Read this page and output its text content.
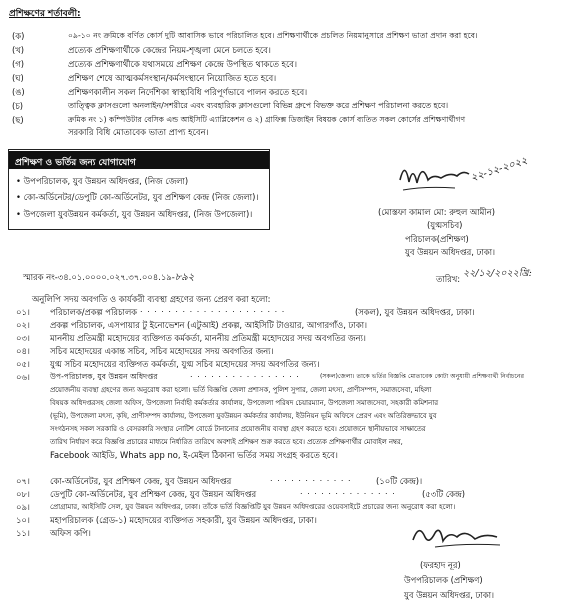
প্রশিক্ষণের শর্তাবলী:
(ক)	০৯-১০ নং ক্রমিকে বর্ণিত কোর্স দুটি আবাসিক ভাবে পরিচালিত হবে। প্রশিক্ষণার্থীকে প্রচলিত নিয়মানুসারে প্রশিক্ষণ ভাতা প্রদান করা হবে।
(খ)	প্রত্যেক প্রশিক্ষণার্থীকে কেন্দ্রের নিয়ম-শৃঙ্খলা মেনে চলতে হবে।
(গ)	প্রত্যেক প্রশিক্ষণার্থীকে যথাসময়ে প্রশিক্ষণ কেন্দ্রে উপস্থিত থাকতে হবে।
(ঘ)	প্রশিক্ষণ শেষে আত্মকর্মসংস্থান/কর্মসংস্থানে নিয়োজিত হতে হবে।
(ঙ)	প্রশিক্ষণকালীন সকল নির্দেশিকা স্বাস্থ্যবিধি পরিপূর্ণভাবে পালন করতে হবে।
(চ)	তাত্ত্বিক ক্লাসগুলো অনলাইন/সশরীরে এবং ব্যবহারিক ক্লাসগুলো বিভিন্ন গ্রুপে বিভক্ত করে প্রশিক্ষণ পরিচালনা করতে হবে।
(ছ)	ক্রমিক নং ১) কম্পিউটার বেসিক এন্ড আইসিটি এ্যাপ্লিকেশন ও ২) গ্রাফিক্স ডিজাইন বিষয়ক কোর্স ব্যতিত সকল কোর্সের প্রশিক্ষণার্থীগণ
সরকারি বিধি মোতাবেক ভাতা প্রাপ্য হবেন।
প্রশিক্ষণ ও ভর্তির জন্য যোগাযোগ
• উপপরিচালক, যুব উন্নয়ন অধিদপ্তর, (নিজ জেলা)
• কো-অর্ডিনেটর/ডেপুটি কো-অর্ডিনেটর, যুব প্রশিক্ষণ কেন্দ্র (নিজ জেলা)।
• উপজেলা যুবউন্নয়ন কর্মকর্তা, যুব উন্নয়ন অধিদপ্তর, (নিজ উপজেলা)।
২২-১২-২০২২
(মোস্তফা কামাল মো: রুহুল আমীন)
(যুগ্মসচিব)
পরিচালক(প্রশিক্ষণ)
যুব উন্নয়ন অধিদপ্তর, ঢাকা।
স্মারক নং-৩৪.০১.০০০০.০২৭.৩৭.০০৪.১৯-৮৯২	তারিখ: ২২/১২/২০২২খ্রি:
অনুলিপি সদয় অবগতি ও কার্যকরী ব্যবস্থা গ্রহণের জন্য প্রেরণ করা হলো:
০১। পরিচালক/প্রকল্প পরিচালক . . . . . . . . . . . . . . . . . . . . .	(সকল), যুব উন্নয়ন অধিদপ্তর, ঢাকা।
০২। প্রকল্প পরিচালক, এসপায়ার টু ইনোভেশন (এটুআই) প্রকল্প, আইসিটি টাওয়ার, আগারগাঁও, ঢাকা।
০৩। মাননীয় প্রতিমন্ত্রী মহোদয়ের ব্যক্তিগত কর্মকর্তা, মাননীয় প্রতিমন্ত্রী মহোদয়ের সদয় অবগতির জন্য।
০৪। সচিব মহোদয়ের একান্ত সচিব, সচিব মহোদয়ের সদয় অবগতির জন্য।
০৫। যুগ্ম সচিব মহোদয়ের ব্যক্তিগত কর্মকর্তা, যুগ্ম সচিব মহোদয়ের সদয় অবগতির জন্য।
০৬।	উপ-পরিচালক, যুব উন্নয়ন অধিদপ্তর	. . . . . . . . . . . . . . . .	(সকল)জেলা। তাকে ভর্তির বিজ্ঞপ্তি মোতাবেক কোটা অনুযায়ী প্রশিক্ষণার্থী নির্বাচনের
প্রয়োজনীয় ব্যবস্থা গ্রহণের জন্য অনুরোধ করা হলো। ভর্তি বিজ্ঞপ্তি জেলা প্রশাসক, পুলিশ সুপার, জেলা মৎস্য, প্রাণীসম্পদ, সমাজসেবা, মহিলা
বিষয়ক অধিদপ্তরসহ জেলা অফিস, উপজেলা নির্বাহী কর্মকর্তার কার্যালয়, উপজেলা পরিষদ চেয়ারম্যান, উপজেলা সমাজসেবা, সহকারী কমিশনার
(ভূমি), উপজেলা মৎস্য, কৃষি, প্রাণীসম্পদ কার্যালয়, উপজেলা যুবউন্নয়ন কর্মকর্তার কার্যালয়, ইউনিয়ন ভূমি অফিসে প্রেরণ এবং অতিরিক্তভাবে যুব
সংগঠনসহ সকল সরকারি ও বেসরকারি সংস্থার নোটিশ বোর্ডে টানানোর প্রয়োজনীয় ব্যবস্থা গ্রহণ করতে হবে। প্রয়োজনে স্থানীয়ভাবে সাক্ষাতের
তারিখ নির্ধারণ করে বিজ্ঞপ্তি প্রচারের মাধ্যমে নির্ধারিত তারিখে অবশ্যই প্রশিক্ষণ শুরু করতে হবে। প্রত্যেক প্রশিক্ষণার্থীর মোবাইল নম্বর,
Facebook আইডি, Whats app no, ই-মেইল ঠিকানা ভর্তির সময় সংগ্রহ করতে হবে।
০৭। কো-অর্ডিনেটর, যুব প্রশিক্ষণ কেন্দ্র, যুব উন্নয়ন অধিদপ্তর	. . . . . . . . . . . .	(১০টি কেন্দ্র)।
০৮। ডেপুটি কো-অর্ডিনেটর, যুব প্রশিক্ষণ কেন্দ্র, যুব উন্নয়ন অধিদপ্তর	. . . . . . . . . . . . . .	(৫৩টি কেন্দ্র)
০৯।	প্রোগ্রামার, আইসিটি সেল, যুব উন্নয়ন অধিদপ্তর, ঢাকা। তাঁকে ভর্তি বিজ্ঞপ্তিটি যুব উন্নয়ন অধিদপ্তরের ওয়েবসাইটে প্রচারের জন্য অনুরোধ করা হলো।
১০। মহাপরিচালক (গ্রেড-১) মহোদয়ের ব্যক্তিগত সহকারী, যুব উন্নয়ন অধিদপ্তর, ঢাকা।
১১। অফিস কপি।
(ফরহাদ নূর)
উপপরিচালক (প্রশিক্ষণ)
যুব উন্নয়ন অধিদপ্তর, ঢাকা।
